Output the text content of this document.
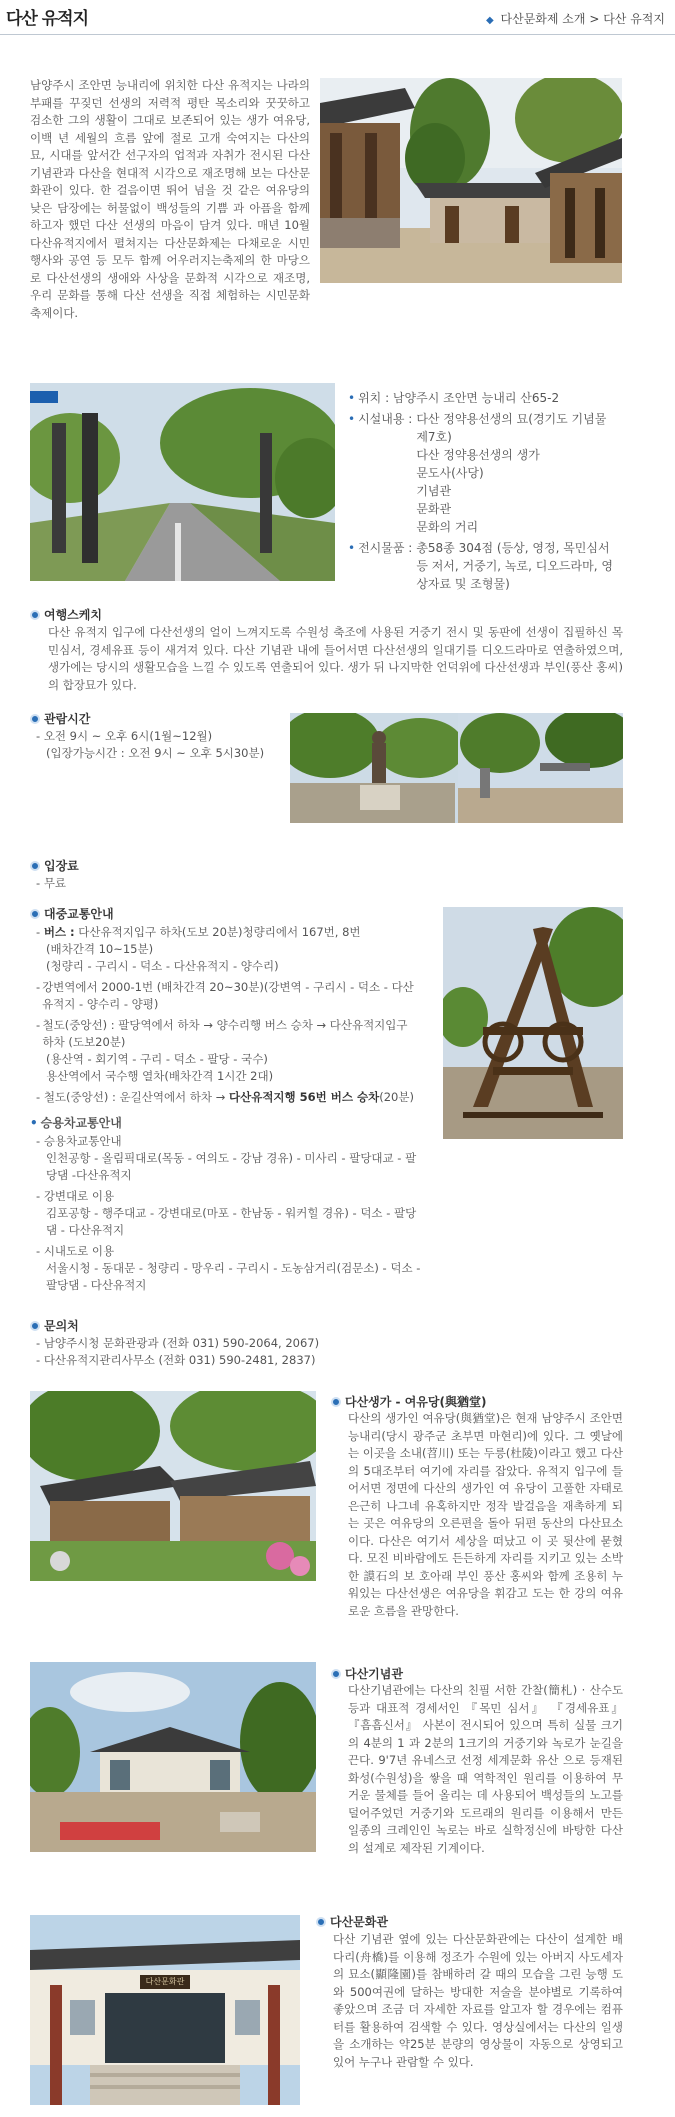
다산 유적지	◆ 다산문화제 소개 > 다산 유적지
남양주시 조안면 능내리에 위치한 다산 유적지는 나라의 부패를 꾸짖던 선생의 저력적 평탄 목소리와 꿋꿋하고 검소한 그의 생활이 그대로 보존되어 있는 생가 여유당, 이백 년 세월의 흐름 앞에 절로 고개 숙여지는 다산의 묘, 시대를 앞서간 선구자의 업적과 자취가 전시된 다산기념관과 다산을 현대적 시각으로 재조명해 보는 다산문화관이 있다. 한 걸음이면 뛰어 넘을 것 같은 여유당의 낮은 담장에는 허물없이 백성들의 기쁨 과 아픔을 함께하고자 했던 다산 선생의 마음이 담겨 있다. 매년 10월 다산유적지에서 펼쳐지는 다산문화제는 다채로운 시민행사와 공연 등 모두 함께 어우러지는축제의 한 마당으로 다산선생의 생애와 사상을 문화적 시각으로 재조명, 우리 문화를 통해 다산 선생을 직접 체험하는 시민문화축제이다.
• 위치 : 남양주시 조안면 능내리 산65-2
• 시설내용 : 다산 정약용선생의 묘(경기도 기념물 제7호)
다산 정약용선생의 생가
문도사(사당)
기념관
문화관
문화의 거리
• 전시물품 : 총58종 304점 (등상, 영정, 목민심서등 저서, 거중기, 녹로, 디오드라마, 영상자료 및 조형물)
여행스케치
다산 유적지 입구에 다산선생의 얼이 느껴지도록 수원성 축조에 사용된 거중기 전시 및 동판에 선생이 집필하신 목민심서, 경세유표 등이 새겨져 있다. 다산 기념관 내에 들어서면 다산선생의 일대기를 디오드라마로 연출하였으며, 생가에는 당시의 생활모습을 느낄 수 있도록 연출되어 있다. 생가 뒤 나지막한 언덕위에 다산선생과 부인(풍산 홍씨)의 합장묘가 있다.
관람시간
- 오전 9시 ~ 오후 6시(1월~12월)
(입장가능시간 : 오전 9시 ~ 오후 5시30분)
입장료
- 무료
대중교통안내
- 버스 : 다산유적지입구 하차(도보 20분)청량리에서 167번, 8번
(배차간격 10~15분)
(청량리 - 구리시 - 덕소 - 다산유적지 - 양수리)
-
강변역에서 2000-1번 (배차간격 20~30분)(강변역 - 구리시 - 덕소 - 다산유적지 - 양수리 - 양평)
-
철도(중앙선) : 팔당역에서 하차 → 양수리행 버스 승차 → 다산유적지입구 하차 (도보20분)
(용산역 - 회기역 - 구리 - 덕소 - 팔당 - 국수)
용산역에서 국수행 열차(배차간격 1시간 2대)
- 철도(중앙선) : 운길산역에서 하차 → 다산유적지행 56번 버스 승차(20분)
• 승용차교통안내
- 승용차교통안내
인천공항 - 올림픽대로(목동 - 여의도 - 강남 경유) - 미사리 - 팔당대교 - 팔당댐 -다산유적지
- 강변대로 이용
김포공항 - 행주대교 - 강변대로(마포 - 한남동 - 워커힐 경유) - 덕소 - 팔당댐 - 다산유적지
- 시내도로 이용
서울시청 - 동대문 - 청량리 - 망우리 - 구리시 - 도농삼거리(검문소) - 덕소 - 팔당댐 - 다산유적지
문의처
- 남양주시청 문화관광과 (전화 031) 590-2064, 2067)
- 다산유적지관리사무소 (전화 031) 590-2481, 2837)
다산생가 - 여유당(與猶堂)
다산의 생가인 여유당(與猶堂)은 현재 남양주시 조안면 능내리(당시 광주군 초부면 마현리)에 있다. 그 옛날에는 이곳을 소내(苕川) 또는 두릉(杜陵)이라고 했고 다산의 5대조부터 여기에 자리를 잡았다. 유적지 입구에 들어서면 정면에 다산의 생가인 여 유당이 고풀한 자태로 은근히 나그네 유혹하지만 정작 발걸음을 재촉하게 되는 곳은 여유당의 오른편을 돌아 뒤편 동산의 다산묘소이다. 다산은 여기서 세상을 떠났고 이 곳 뒷산에 묻혔다. 모진 비바람에도 든든하게 자리를 지키고 있는 소박한 謨石의 보 호아래 부인 풍산 홍씨와 함께 조용히 누워있는 다산선생은 여유당을 휘감고 도는 한 강의 여유로운 흐름을 관망한다.
다산기념관
다산기념관에는 다산의 친필 서한 간찰(簡札) · 산수도 등과 대표적 경세서인 『목민 심서』 『경세유표』 『흠흠신서』 사본이 전시되어 있으며 특히 실물 크기의 4분의 1 과 2분의 1크기의 거중기와 녹로가 눈길을 끈다. 9'7년 유네스코 선정 세계문화 유산 으로 등재된 화성(수원성)을 쌓을 때 역학적인 원리를 이용하여 무거운 물체를 들어 올리는 데 사용되어 백성들의 노고를 덜어주었던 거중기와 도르래의 원리를 이용해서 만든 일종의 크레인인 녹로는 바로 실학정신에 바탕한 다산의 설계로 제작된 기계이다.
다산문화관
다산문화관
다산 기념관 옆에 있는 다산문화관에는 다산이 설계한 배다리(舟橋)를 이용해 정조가 수원에 있는 아버지 사도세자의 묘소(顯隆園)를 참배하러 갈 때의 모습을 그린 능행 도와 500여권에 달하는 방대한 저술을 분야별로 기록하여 좋았으며 조금 더 자세한 자료를 알고자 할 경우에는 컴퓨터를 활용하여 검색할 수 있다. 영상실에서는 다산의 일생을 소개하는 약25분 분량의 영상물이 자동으로 상영되고 있어 누구나 관람할 수 있다.
